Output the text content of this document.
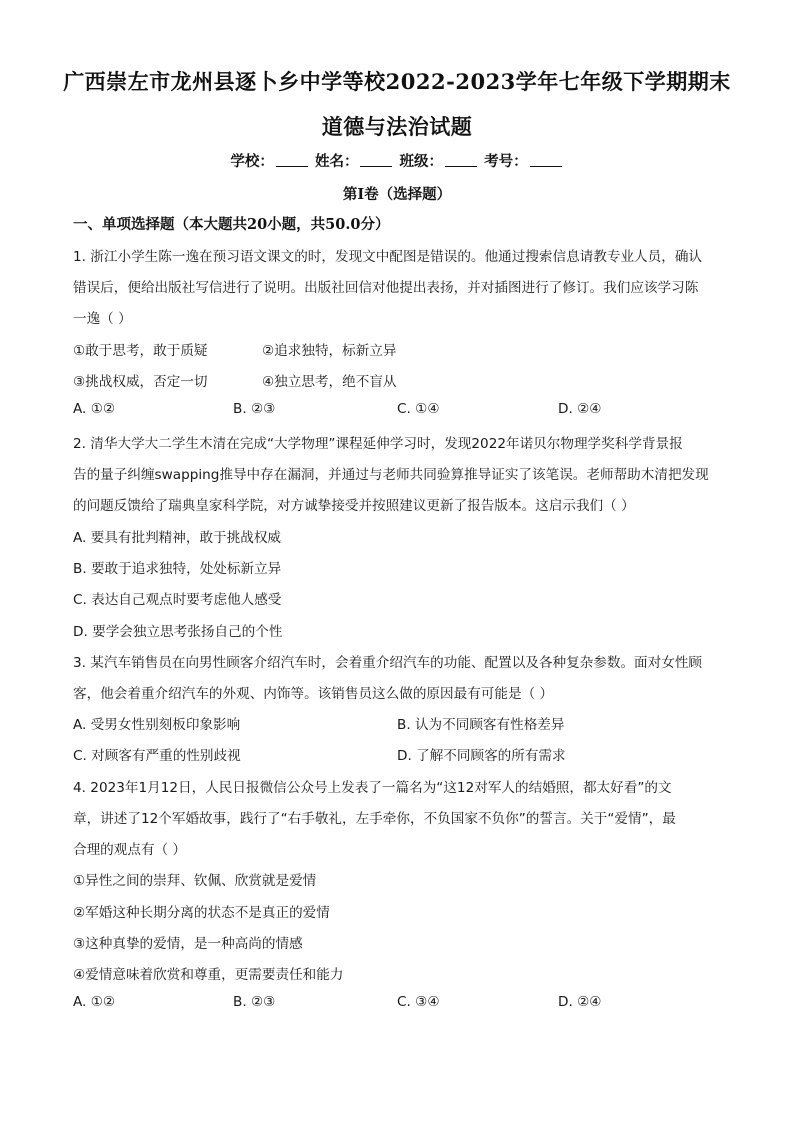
广西崇左市龙州县逐卜乡中学等校2022-2023学年七年级下学期期末
道德与法治试题
学校：	姓名：	班级：	考号：
第Ⅰ卷（选择题）
一、单项选择题（本大题共20小题，共50.0分）
1. 浙江小学生陈一逸在预习语文课文的时，发现文中配图是错误的。他通过搜索信息请教专业人员，确认
错误后，便给出版社写信进行了说明。出版社回信对他提出表扬，并对插图进行了修订。我们应该学习陈
一逸（ ）
①敢于思考，敢于质疑	②追求独特，标新立异
③挑战权威，否定一切	④独立思考，绝不盲从
A. ①②	B. ②③	C. ①④	D. ②④
2. 清华大学大二学生木清在完成“大学物理”课程延伸学习时，发现2022年诺贝尔物理学奖科学背景报
告的量子纠缠swapping推导中存在漏洞，并通过与老师共同验算推导证实了该笔误。老师帮助木清把发现
的问题反馈给了瑞典皇家科学院，对方诚挚接受并按照建议更新了报告版本。这启示我们（ ）
A. 要具有批判精神，敢于挑战权威
B. 要敢于追求独特，处处标新立异
C. 表达自己观点时要考虑他人感受
D. 要学会独立思考张扬自己的个性
3. 某汽车销售员在向男性顾客介绍汽车时，会着重介绍汽车的功能、配置以及各种复杂参数。面对女性顾
客，他会着重介绍汽车的外观、内饰等。该销售员这么做的原因最有可能是（ ）
A. 受男女性别刻板印象影响	B. 认为不同顾客有性格差异
C. 对顾客有严重的性别歧视	D. 了解不同顾客的所有需求
4. 2023年1月12日，人民日报微信公众号上发表了一篇名为“这12对军人的结婚照，都太好看”的文
章，讲述了12个军婚故事，践行了“右手敬礼，左手牵你，不负国家不负你”的誓言。关于“爱情”，最
合理的观点有（ ）
①异性之间的崇拜、钦佩、欣赏就是爱情
②军婚这种长期分离的状态不是真正的爱情
③这种真挚的爱情，是一种高尚的情感
④爱情意味着欣赏和尊重，更需要责任和能力
A. ①②	B. ②③	C. ③④	D. ②④
